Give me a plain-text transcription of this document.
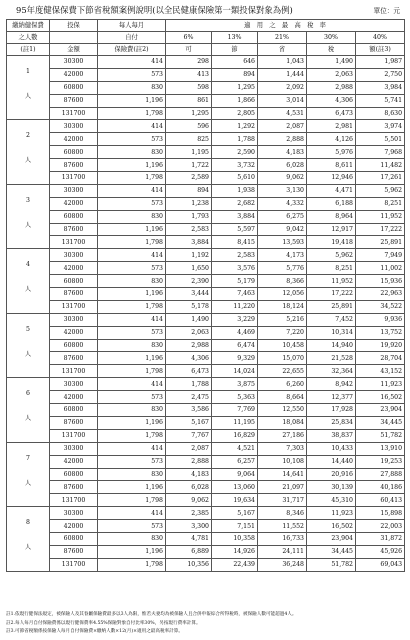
95年度健保保費下節省稅額案例說明(以全民健康保險第一類投保對象為例)	單位：元
繳納健保費	投保	每人每月	適　用　之　最　高　稅　率				
之人數		自付	6%	13%	21%	30%	40%
(註1)	金額	保險費(註2)	可	節	省	稅	額(註3)

1
人	30300	414	298	646	1,043	1,490	1,987
	42000	573	413	894	1,444	2,063	2,750
	60800	830	598	1,295	2,092	2,988	3,984
	87600	1,196	861	1,866	3,014	4,306	5,741
	131700	1,798	1,295	2,805	4,531	6,473	8,630

2
人	30300	414	596	1,292	2,087	2,981	3,974
	42000	573	825	1,788	2,888	4,126	5,501
	60800	830	1,195	2,590	4,183	5,976	7,968
	87600	1,196	1,722	3,732	6,028	8,611	11,482
	131700	1,798	2,589	5,610	9,062	12,946	17,261

3
人	30300	414	894	1,938	3,130	4,471	5,962
	42000	573	1,238	2,682	4,332	6,188	8,251
	60800	830	1,793	3,884	6,275	8,964	11,952
	87600	1,196	2,583	5,597	9,042	12,917	17,222
	131700	1,798	3,884	8,415	13,593	19,418	25,891

4
人	30300	414	1,192	2,583	4,173	5,962	7,949
	42000	573	1,650	3,576	5,776	8,251	11,002
	60800	830	2,390	5,179	8,366	11,952	15,936
	87600	1,196	3,444	7,463	12,056	17,222	22,963
	131700	1,798	5,178	11,220	18,124	25,891	34,522

5
人	30300	414	1,490	3,229	5,216	7,452	9,936
	42000	573	2,063	4,469	7,220	10,314	13,752
	60800	830	2,988	6,474	10,458	14,940	19,920
	87600	1,196	4,306	9,329	15,070	21,528	28,704
	131700	1,798	6,473	14,024	22,655	32,364	43,152

6
人	30300	414	1,788	3,875	6,260	8,942	11,923
	42000	573	2,475	5,363	8,664	12,377	16,502
	60800	830	3,586	7,769	12,550	17,928	23,904
	87600	1,196	5,167	11,195	18,084	25,834	34,445
	131700	1,798	7,767	16,829	27,186	38,837	51,782

7
人	30300	414	2,087	4,521	7,303	10,433	13,910
	42000	573	2,888	6,257	10,108	14,440	19,253
	60800	830	4,183	9,064	14,641	20,916	27,888
	87600	1,196	6,028	13,060	21,097	30,139	40,186
	131700	1,798	9,062	19,634	31,717	45,310	60,413

8
人	30300	414	2,385	5,167	8,346	11,923	15,898
	42000	573	3,300	7,151	11,552	16,502	22,003
	60800	830	4,781	10,358	16,733	23,904	31,872
	87600	1,196	6,889	14,926	24,111	34,445	45,926
	131700	1,798	10,356	22,439	36,248	51,782	69,043
註1.依現行健保法規定，被保險人及其眷屬保險費最多以3人為限，惟若夫妻均為被保險人且合併申報綜合所得稅時，被保險人數可能超過4人。
註2.每人每月自付保險費係以現行健保費率4.55%保險對象自付比率30%，另按現行費率計算。
註3.可節省稅額係按保險人每月自付保險費×繳納人數×12(月)×適用之最高稅率計算。
